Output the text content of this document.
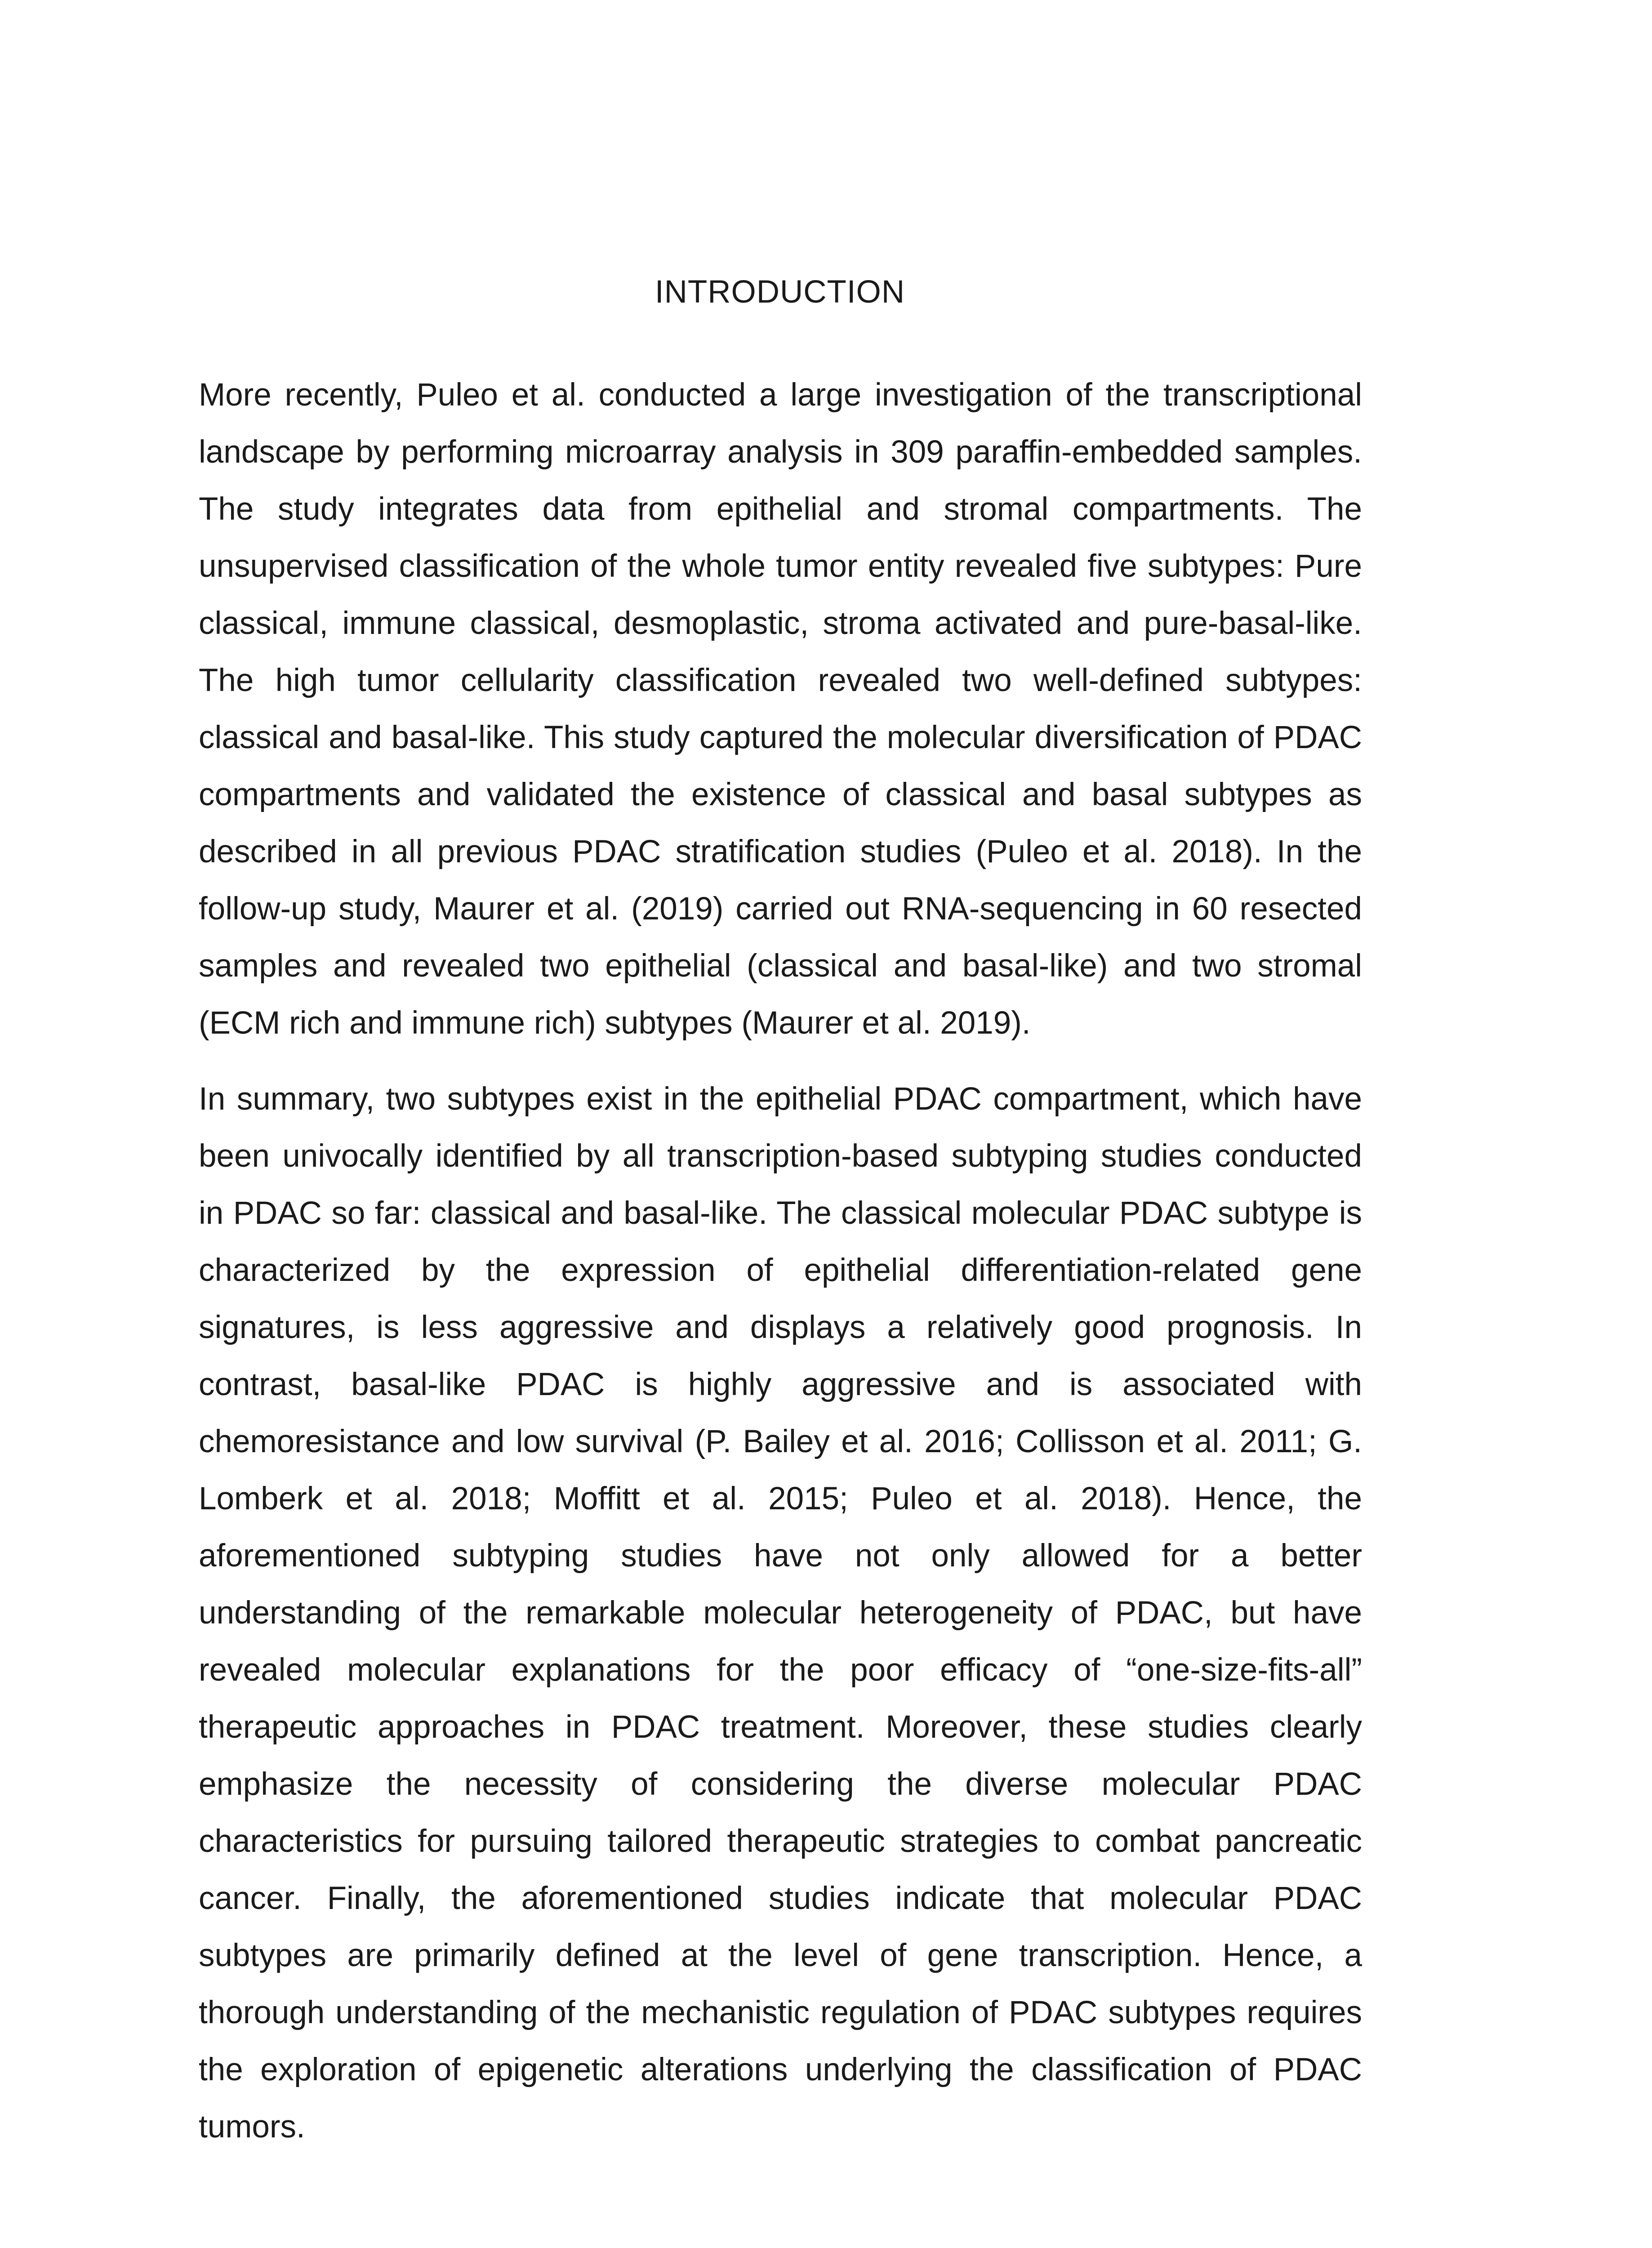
INTRODUCTION

More recently, Puleo et al. conducted a large investigation of the transcriptional landscape by performing microarray analysis in 309 paraffin-embedded samples. The study integrates data from epithelial and stromal compartments. The unsupervised classification of the whole tumor entity revealed five subtypes: Pure classical, immune classical, desmoplastic, stroma activated and pure-basal-like. The high tumor cellularity classification revealed two well-defined subtypes: classical and basal-like. This study captured the molecular diversification of PDAC compartments and validated the existence of classical and basal subtypes as described in all previous PDAC stratification studies (Puleo et al. 2018). In the follow-up study, Maurer et al. (2019) carried out RNA-sequencing in 60 resected samples and revealed two epithelial (classical and basal-like) and two stromal (ECM rich and immune rich) subtypes (Maurer et al. 2019).

In summary, two subtypes exist in the epithelial PDAC compartment, which have been univocally identified by all transcription-based subtyping studies conducted in PDAC so far: classical and basal-like. The classical molecular PDAC subtype is characterized by the expression of epithelial differentiation-related gene signatures, is less aggressive and displays a relatively good prognosis. In contrast, basal-like PDAC is highly aggressive and is associated with chemoresistance and low survival (P. Bailey et al. 2016; Collisson et al. 2011; G. Lomberk et al. 2018; Moffitt et al. 2015; Puleo et al. 2018). Hence, the aforementioned subtyping studies have not only allowed for a better understanding of the remarkable molecular heterogeneity of PDAC, but have revealed molecular explanations for the poor efficacy of “one-size-fits-all” therapeutic approaches in PDAC treatment. Moreover, these studies clearly emphasize the necessity of considering the diverse molecular PDAC characteristics for pursuing tailored therapeutic strategies to combat pancreatic cancer. Finally, the aforementioned studies indicate that molecular PDAC subtypes are primarily defined at the level of gene transcription. Hence, a thorough understanding of the mechanistic regulation of PDAC subtypes requires the exploration of epigenetic alterations underlying the classification of PDAC tumors.
